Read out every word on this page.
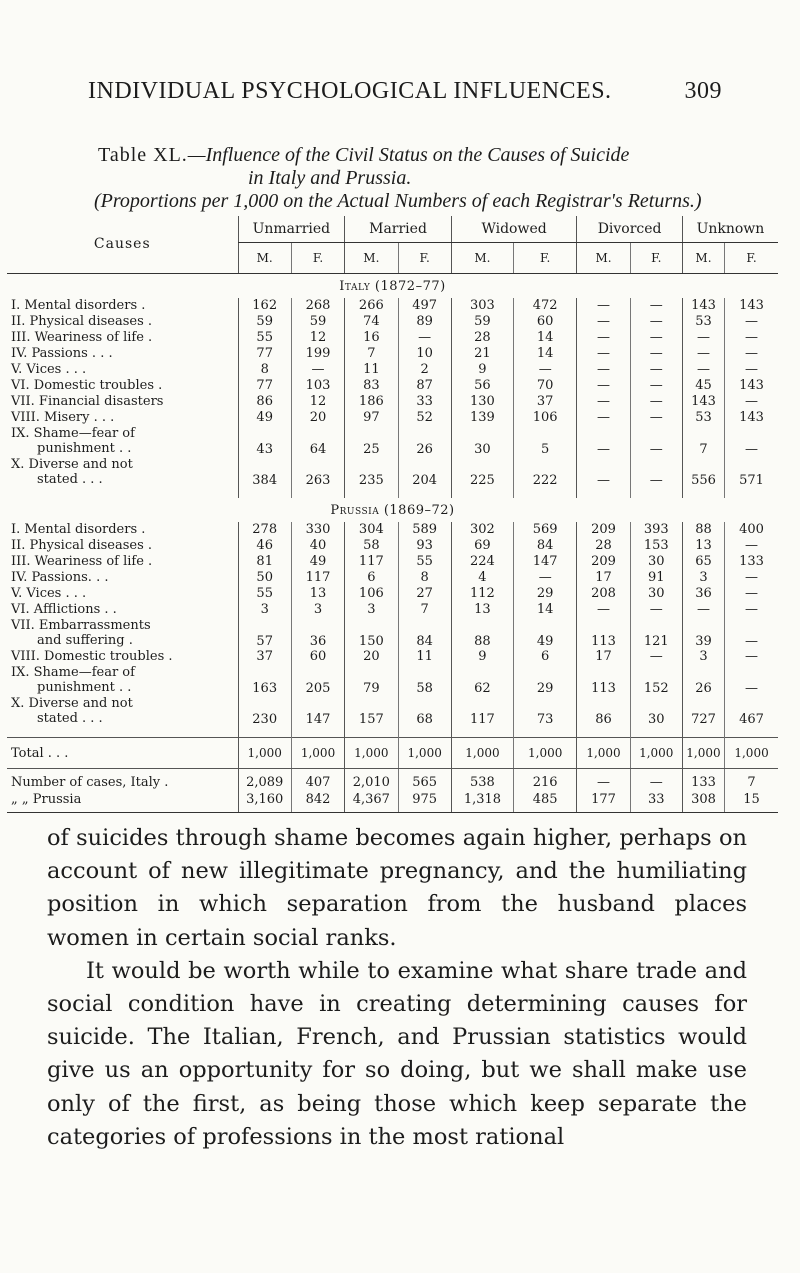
INDIVIDUAL PSYCHOLOGICAL INFLUENCES.	309
Table XL.—Influence of the Civil Status on the Causes of Suicide
in Italy and Prussia.
(Proportions per 1,000 on the Actual Numbers of each Registrar's Returns.)
Causes	Unmarried		Married		Widowed		Divorced		Unknown	
	M.	F.	M.	F.	M.	F.	M.	F.	M.	F.
Italy (1872–77)										
I. Mental disorders .	162	268	266	497	303	472	—	—	143	143
II. Physical diseases .	59	59	74	89	59	60	—	—	53	—
III. Weariness of life .	55	12	16	—	28	14	—	—	—	—
IV. Passions . . .	77	199	7	10	21	14	—	—	—	—
V. Vices . . .	8	—	11	2	9	—	—	—	—	—
VI. Domestic troubles .	77	103	83	87	56	70	—	—	45	143
VII. Financial disasters	86	12	186	33	130	37	—	—	143	—
VIII. Misery . . .	49	20	97	52	139	106	—	—	53	143
IX. Shame—fear of
punishment . .	43	64	25	26	30	5	—	—	7	—
X. Diverse and not
stated . . .	384	263	235	204	225	222	—	—	556	571

Prussia (1869–72)										
I. Mental disorders .	278	330	304	589	302	569	209	393	88	400
II. Physical diseases .	46	40	58	93	69	84	28	153	13	—
III. Weariness of life .	81	49	117	55	224	147	209	30	65	133
IV. Passions. . .	50	117	6	8	4	—	17	91	3	—
V. Vices . . .	55	13	106	27	112	29	208	30	36	—
VI. Afflictions . .	3	3	3	7	13	14	—	—	—	—
VII. Embarrassments
and suffering .	57	36	150	84	88	49	113	121	39	—
VIII. Domestic troubles .	37	60	20	11	9	6	17	—	3	—
IX. Shame—fear of
punishment . .	163	205	79	58	62	29	113	152	26	—
X. Diverse and not
stated . . .	230	147	157	68	117	73	86	30	727	467

Total . . .	1,000	1,000	1,000	1,000	1,000	1,000	1,000	1,000	1,000	1,000
Number of cases, Italy .	2,089	407	2,010	565	538	216	—	—	133	7
„ „ Prussia	3,160	842	4,367	975	1,318	485	177	33	308	15

of suicides through shame becomes again higher, perhaps on account of new illegitimate pregnancy, and the humiliating position in which separation from the husband places women in certain social ranks.

It would be worth while to examine what share trade and social condition have in creating determining causes for suicide. The Italian, French, and Prussian statistics would give us an opportunity for so doing, but we shall make use only of the first, as being those which keep separate the categories of professions in the most rational
